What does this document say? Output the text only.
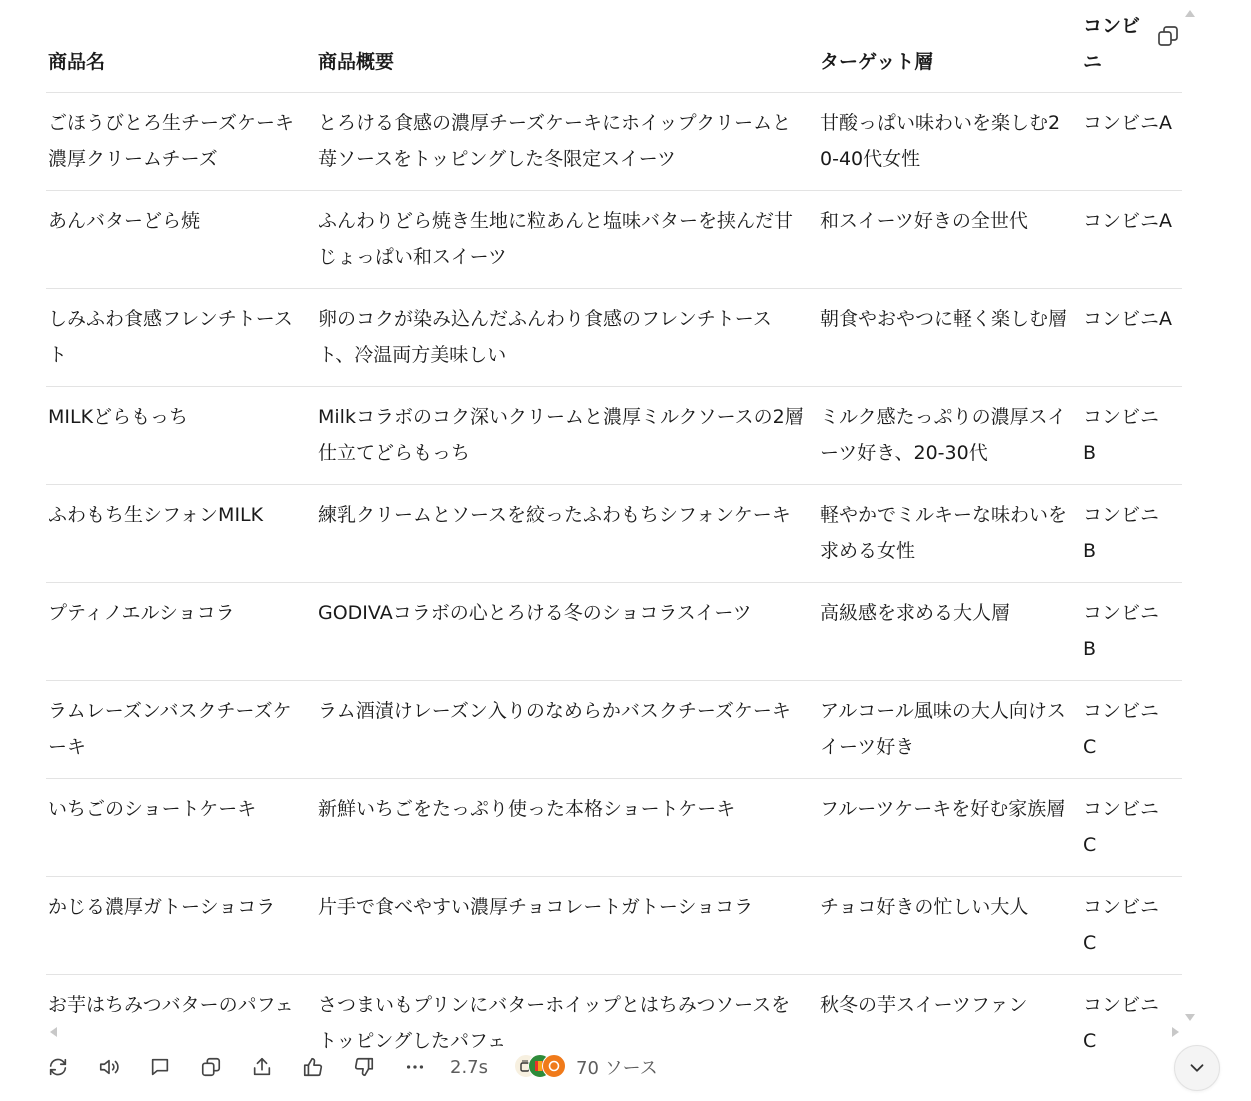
商品名	商品概要	ターゲット層	コンビニ
ごほうびとろ生チーズケーキ 濃厚クリームチーズ	とろける食感の濃厚チーズケーキにホイップクリームと苺ソースをトッピングした冬限定スイーツ	甘酸っぱい味わいを楽しむ20-40代女性	コンビニA
あんバターどら焼	ふんわりどら焼き生地に粒あんと塩味バターを挟んだ甘じょっぱい和スイーツ	和スイーツ好きの全世代	コンビニA
しみふわ食感フレンチトースト	卵のコクが染み込んだふんわり食感のフレンチトースト、冷温両方美味しい	朝食やおやつに軽く楽しむ層	コンビニA
MILKどらもっち	Milkコラボのコク深いクリームと濃厚ミルクソースの2層仕立てどらもっち	ミルク感たっぷりの濃厚スイーツ好き、20-30代	コンビニB
ふわもち生シフォンMILK	練乳クリームとソースを絞ったふわもちシフォンケーキ	軽やかでミルキーな味わいを求める女性	コンビニB
プティノエルショコラ	GODIVAコラボの心とろける冬のショコラスイーツ	高級感を求める大人層	コンビニB
ラムレーズンバスクチーズケーキ	ラム酒漬けレーズン入りのなめらかバスクチーズケーキ	アルコール風味の大人向けスイーツ好き	コンビニC
いちごのショートケーキ	新鮮いちごをたっぷり使った本格ショートケーキ	フルーツケーキを好む家族層	コンビニC
かじる濃厚ガトーショコラ	片手で食べやすい濃厚チョコレートガトーショコラ	チョコ好きの忙しい大人	コンビニC
お芋はちみつバターのパフェ	さつまいもプリンにバターホイップとはちみつソースをトッピングしたパフェ	秋冬の芋スイーツファン	コンビニC
2.7s	70 ソース
